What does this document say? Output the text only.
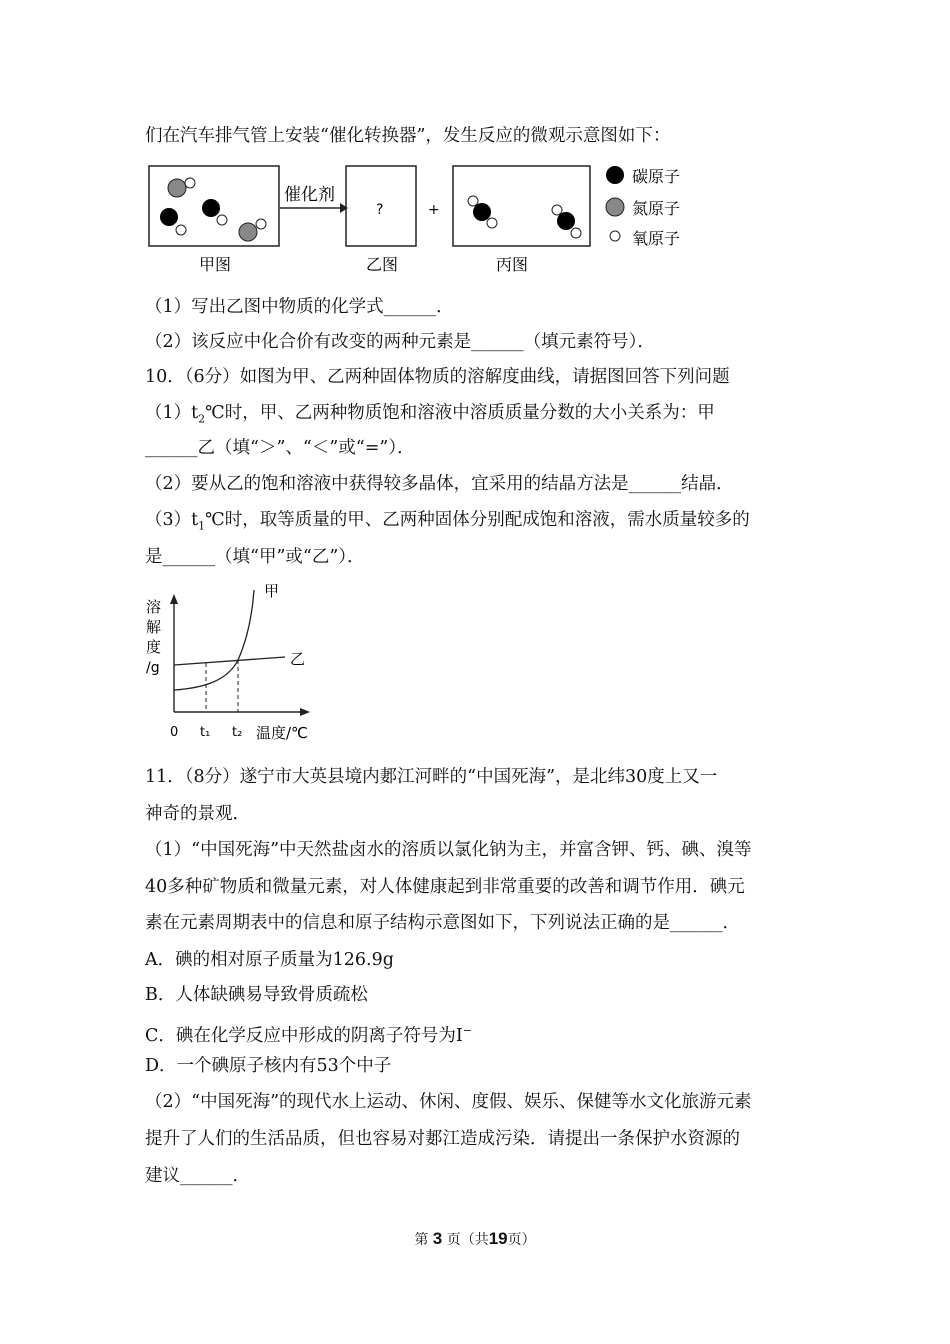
们在汽车排气管上安装“催化转换器”，发生反应的微观示意图如下：
催化剂
?	+
碳原子
氮原子
氧原子
甲图	乙图	丙图
（1）写出乙图中物质的化学式______．
（2）该反应中化合价有改变的两种元素是______（填元素符号）．
10．（6分）如图为甲、乙两种固体物质的溶解度曲线，请据图回答下列问题
$(1)t_2℃$时，甲、乙两种物质饱和溶液中溶质质量分数的大小关系为：甲
______乙（填“＞”、“＜”或“=”）．
（2）要从乙的饱和溶液中获得较多晶体，宜采用的结晶方法是______结晶．
$(3)t_1℃$时，取等质量的甲、乙两种固体分别配成饱和溶液，需水质量较多的
是______（填“甲”或“乙”）．
溶
解
度
/g
甲
乙
0 t₁ t₂ 温度/℃
11．（8分）遂宁市大英县境内郪江河畔的“中国死海”，是北纬30度上又一
神奇的景观．
（1）“中国死海”中天然盐卤水的溶质以氯化钠为主，并富含钾、钙、碘、溴等
40多种矿物质和微量元素，对人体健康起到非常重要的改善和调节作用．碘元
素在元素周期表中的信息和原子结构示意图如下，下列说法正确的是______．
A．碘的相对原子质量为126.9g
B．人体缺碘易导致骨质疏松
C．碘在化学反应中形成的阴离子符号为I−
D．一个碘原子核内有53个中子
（2）“中国死海”的现代水上运动、休闲、度假、娱乐、保健等水文化旅游元素
提升了人们的生活品质，但也容易对郪江造成污染．请提出一条保护水资源的
建议______．
第 3 页（共19页）
